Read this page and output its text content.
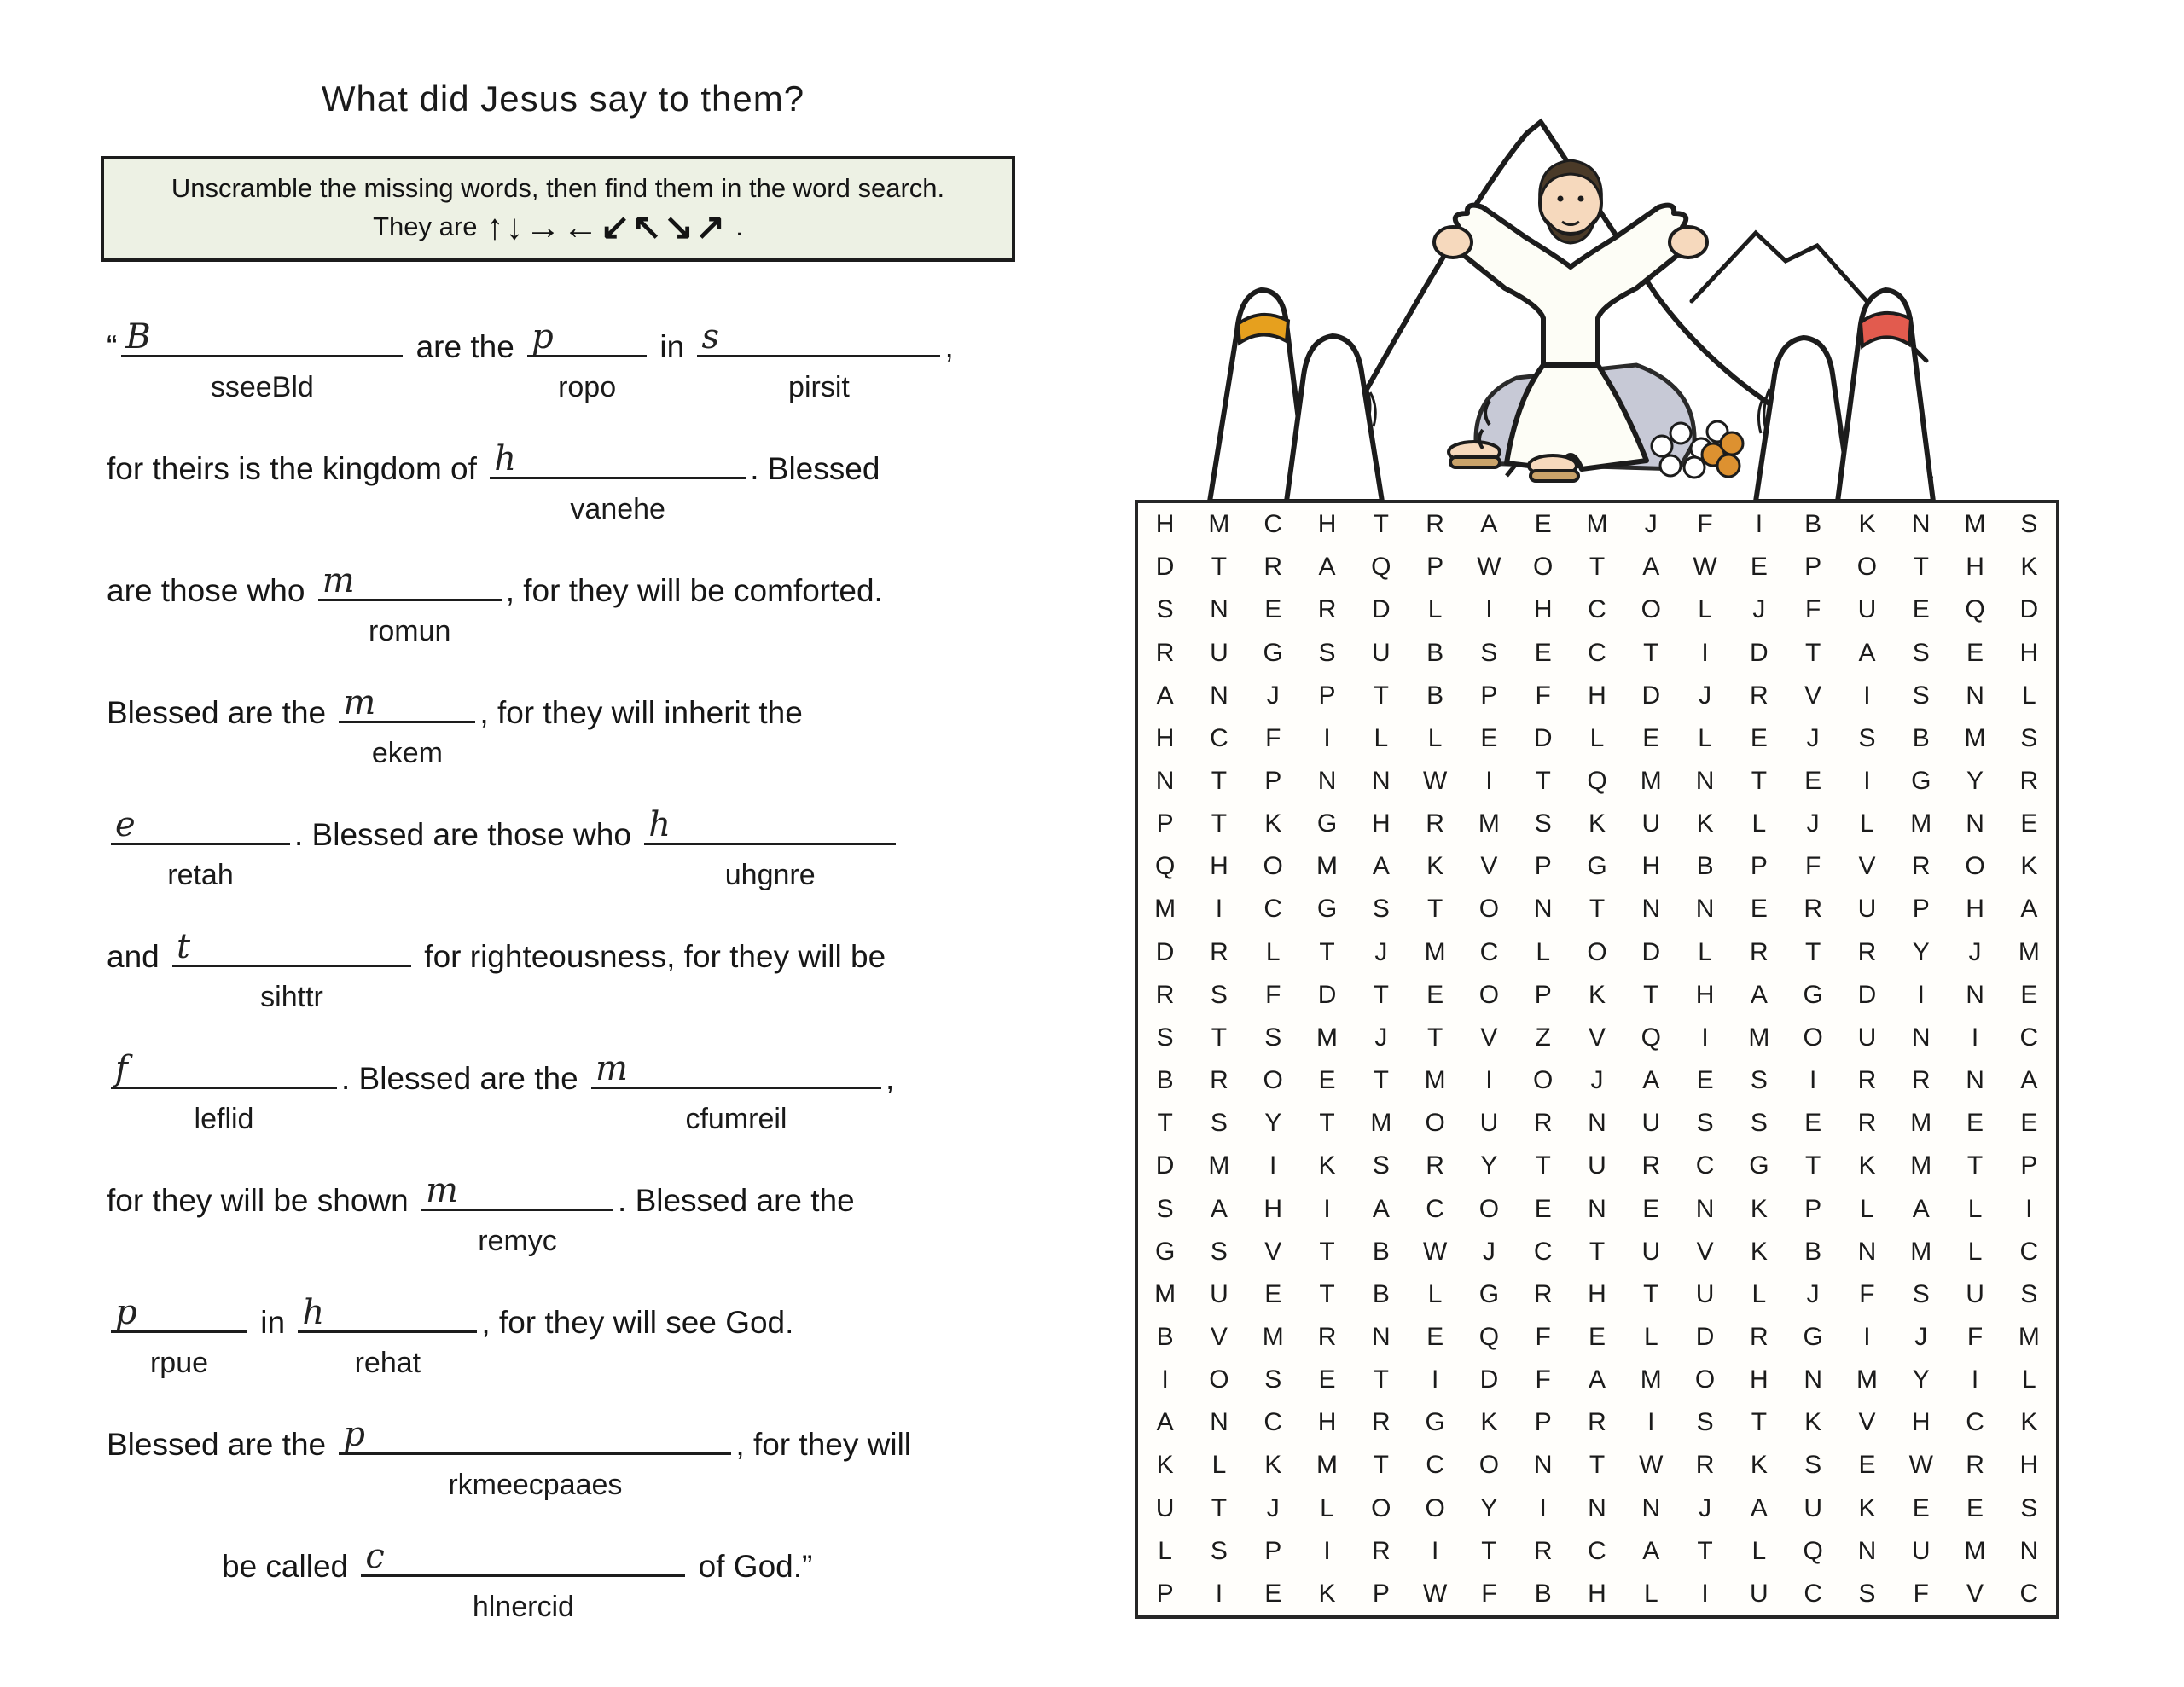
What did Jesus say to them?
Unscramble the missing words, then find them in the word search.
They are ↑↓→←↙↖↘↗ .
“ B
sseeBld
are the p
ropo
in s
pirsit
,
for theirs is the kingdom of h
vanehe
. Blessed
are those who m
romun
, for they will be comforted.
Blessed are the m
ekem
, for they will inherit the
e
retah
. Blessed are those who h
uhgnre
and t
sihttr
for righteousness, for they will be
f
leflid
. Blessed are the m
cfumreil
,
for they will be shown m
remyc
. Blessed are the
p
rpue
in h
rehat
, for they will see God.
Blessed are the p
rkmeecpaaes
, for they will
be called c
hlnercid
of God.”
H	M	C	H	T	R	A	E	M	J	F	I	B	K	N	M	S
D	T	R	A	Q	P	W	O	T	A	W	E	P	O	T	H	K
S	N	E	R	D	L	I	H	C	O	L	J	F	U	E	Q	D
R	U	G	S	U	B	S	E	C	T	I	D	T	A	S	E	H
A	N	J	P	T	B	P	F	H	D	J	R	V	I	S	N	L
H	C	F	I	L	L	E	D	L	E	L	E	J	S	B	M	S
N	T	P	N	N	W	I	T	Q	M	N	T	E	I	G	Y	R
P	T	K	G	H	R	M	S	K	U	K	L	J	L	M	N	E
Q	H	O	M	A	K	V	P	G	H	B	P	F	V	R	O	K
M	I	C	G	S	T	O	N	T	N	N	E	R	U	P	H	A
D	R	L	T	J	M	C	L	O	D	L	R	T	R	Y	J	M
R	S	F	D	T	E	O	P	K	T	H	A	G	D	I	N	E
S	T	S	M	J	T	V	Z	V	Q	I	M	O	U	N	I	C
B	R	O	E	T	M	I	O	J	A	E	S	I	R	R	N	A
T	S	Y	T	M	O	U	R	N	U	S	S	E	R	M	E	E
D	M	I	K	S	R	Y	T	U	R	C	G	T	K	M	T	P
S	A	H	I	A	C	O	E	N	E	N	K	P	L	A	L	I
G	S	V	T	B	W	J	C	T	U	V	K	B	N	M	L	C
M	U	E	T	B	L	G	R	H	T	U	L	J	F	S	U	S
B	V	M	R	N	E	Q	F	E	L	D	R	G	I	J	F	M
I	O	S	E	T	I	D	F	A	M	O	H	N	M	Y	I	L
A	N	C	H	R	G	K	P	R	I	S	T	K	V	H	C	K
K	L	K	M	T	C	O	N	T	W	R	K	S	E	W	R	H
U	T	J	L	O	O	Y	I	N	N	J	A	U	K	E	E	S
L	S	P	I	R	I	T	R	C	A	T	L	Q	N	U	M	N
P	I	E	K	P	W	F	B	H	L	I	U	C	S	F	V	C
